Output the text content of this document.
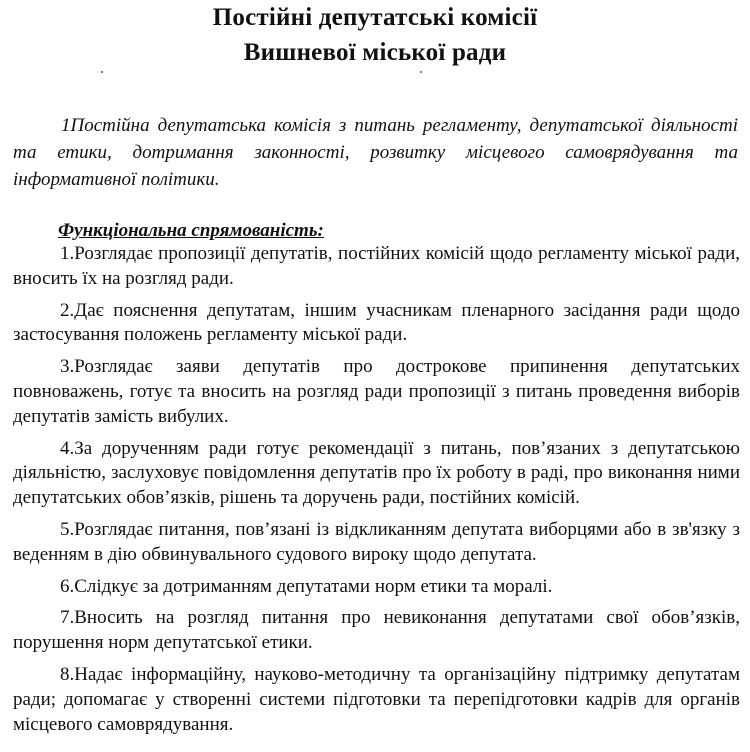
Постійні депутатські комісії
Вишневої міської ради
1Постійна депутатська комісія з питань регламенту, депутатської діяльності та етики, дотримання законності, розвитку місцевого самоврядування та інформативної політики.
Функціональна спрямованість:

1.Розглядає пропозиції депутатів, постійних комісій щодо регламенту міської ради, вносить їх на розгляд ради.

2.Дає пояснення депутатам, іншим учасникам пленарного засідання ради щодо застосування положень регламенту міської ради.

3.Розглядає заяви депутатів про дострокове припинення депутатських повноважень, готує та вносить на розгляд ради пропозиції з питань проведення виборів депутатів замість вибулих.

4.За дорученням ради готує рекомендації з питань, пов’язаних з депутатською діяльністю, заслуховує повідомлення депутатів про їх роботу в раді, про виконання ними депутатських обов’язків, рішень та доручень ради, постійних комісій.

5.Розглядає питання, пов’язані із відкликанням депутата виборцями або в зв'язку з веденням в дію обвинувального судового вироку щодо депутата.

6.Слідкує за дотриманням депутатами норм етики та моралі.

7.Вносить на розгляд питання про невиконання депутатами свої обов’язків, порушення норм депутатської етики.

8.Надає інформаційну, науково-методичну та організаційну підтримку депутатам ради; допомагає у створенні системи підготовки та перепідготовки кадрів для органів місцевого самоврядування.
